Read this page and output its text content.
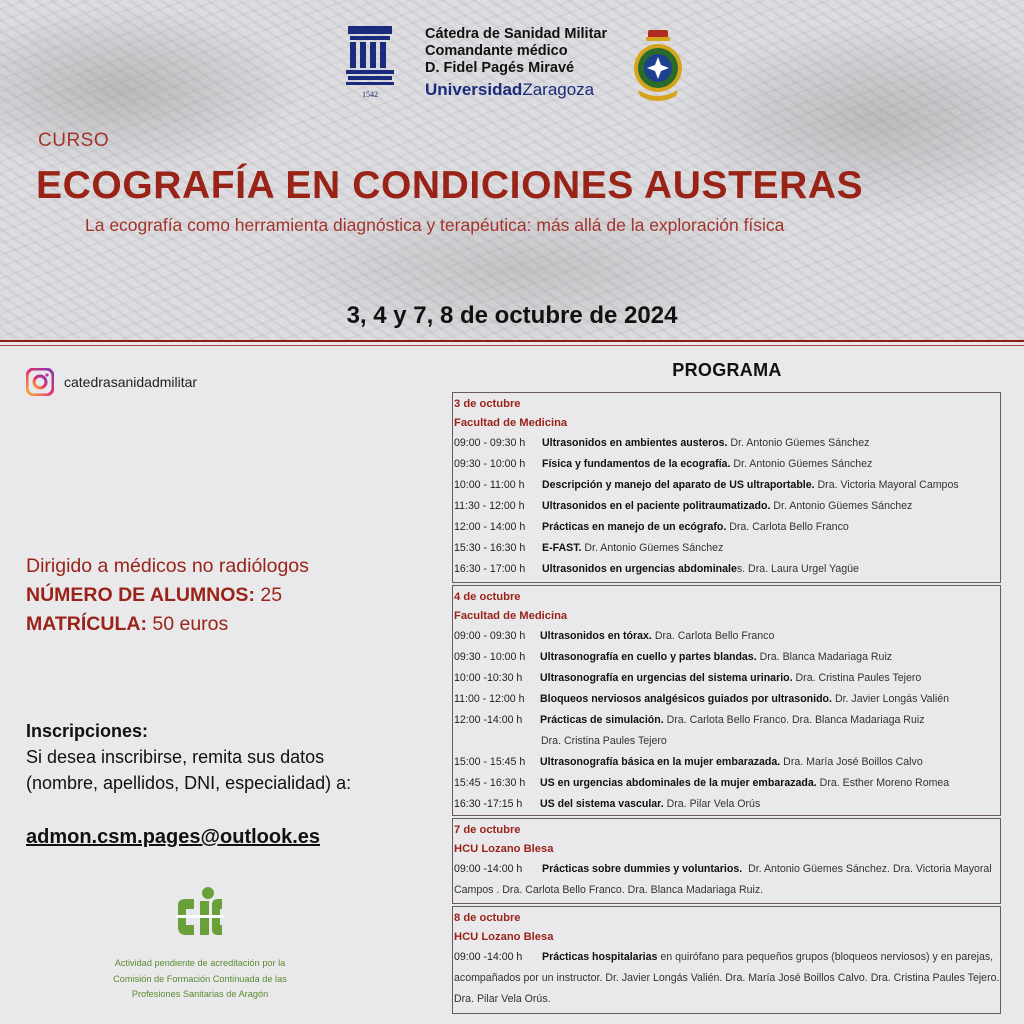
1542
Cátedra de Sanidad Militar
Comandante médico
D. Fidel Pagés Miravé
UniversidadZaragoza
CURSO
ECOGRAFÍA EN CONDICIONES AUSTERAS
La ecografía como herramienta diagnóstica y terapéutica: más allá de la exploración física
3, 4 y 7, 8 de octubre de 2024
catedrasanidadmilitar
Dirigido a médicos no radiólogos
NÚMERO DE ALUMNOS: 25
MATRÍCULA: 50 euros
Inscripciones:
Si desea inscribirse, remita sus datos
(nombre, apellidos, DNI, especialidad) a:
admon.csm.pages@outlook.es
Actividad pendiente de acreditación por la
Comisión de Formación Continuada de las
Profesiones Sanitarias de Aragón
PROGRAMA
3 de octubre
Facultad de Medicina
09:00 - 09:30 h Ultrasonidos en ambientes austeros. Dr. Antonio Güemes Sánchez
09:30 - 10:00 h Física y fundamentos de la ecografía. Dr. Antonio Güemes Sánchez
10:00 - 11:00 h Descripción y manejo del aparato de US ultraportable. Dra. Victoria Mayoral Campos
11:30 - 12:00 h Ultrasonidos en el paciente politraumatizado. Dr. Antonio Güemes Sánchez
12:00 - 14:00 h Prácticas en manejo de un ecógrafo. Dra. Carlota Bello Franco
15:30 - 16:30 h E-FAST. Dr. Antonio Güemes Sánchez
16:30 - 17:00 h Ultrasonidos en urgencias abdominales. Dra. Laura Urgel Yagüe
4 de octubre
Facultad de Medicina
09:00 - 09:30 h Ultrasonidos en tórax. Dra. Carlota Bello Franco
09:30 - 10:00 h Ultrasonografía en cuello y partes blandas. Dra. Blanca Madariaga Ruiz
10:00 -10:30 h Ultrasonografía en urgencias del sistema urinario. Dra. Cristina Paules Tejero
11:00 - 12:00 h Bloqueos nerviosos analgésicos guiados por ultrasonido. Dr. Javier Longás Valién
12:00 -14:00 h Prácticas de simulación. Dra. Carlota Bello Franco. Dra. Blanca Madariaga Ruiz
Dra. Cristina Paules Tejero
15:00 - 15:45 h Ultrasonografía básica en la mujer embarazada. Dra. María José Boillos Calvo
15:45 - 16:30 h US en urgencias abdominales de la mujer embarazada. Dra. Esther Moreno Romea
16:30 -17:15 h US del sistema vascular. Dra. Pilar Vela Orús
7 de octubre
HCU Lozano Blesa
09:00 -14:00 h Prácticas sobre dummies y voluntarios. Dr. Antonio Güemes Sánchez. Dra. Victoria Mayoral Campos . Dra. Carlota Bello Franco. Dra. Blanca Madariaga Ruiz.
8 de octubre
HCU Lozano Blesa
09:00 -14:00 h Prácticas hospitalarias en quirófano para pequeños grupos (bloqueos nerviosos) y en parejas, acompañados por un instructor. Dr. Javier Longás Valién. Dra. María José Boillos Calvo. Dra. Cristina Paules Tejero. Dra. Pilar Vela Orús.
